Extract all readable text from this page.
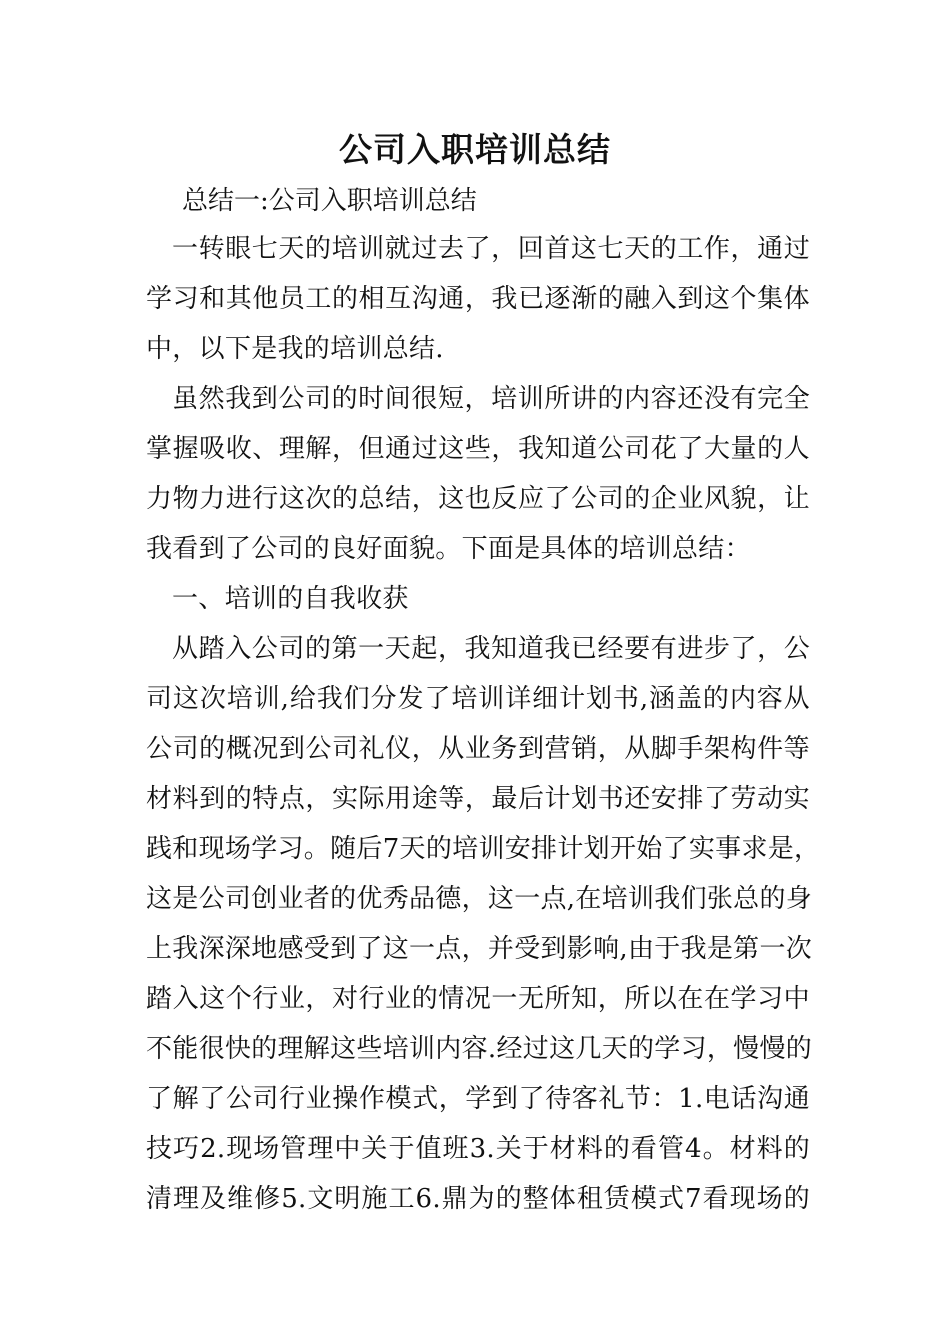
公司入职培训总结
总结一:公司入职培训总结
一转眼七天的培训就过去了，回首这七天的工作，通过
学习和其他员工的相互沟通，我已逐渐的融入到这个集体
中，以下是我的培训总结.
虽然我到公司的时间很短，培训所讲的内容还没有完全
掌握吸收、理解，但通过这些，我知道公司花了大量的人
力物力进行这次的总结，这也反应了公司的企业风貌，让
我看到了公司的良好面貌。下面是具体的培训总结：
一、培训的自我收获
从踏入公司的第一天起，我知道我已经要有进步了，公
司这次培训,给我们分发了培训详细计划书,涵盖的内容从
公司的概况到公司礼仪，从业务到营销，从脚手架构件等
材料到的特点，实际用途等，最后计划书还安排了劳动实
践和现场学习。随后7天的培训安排计划开始了实事求是，
这是公司创业者的优秀品德，这一点,在培训我们张总的身
上我深深地感受到了这一点，并受到影响,由于我是第一次
踏入这个行业，对行业的情况一无所知，所以在在学习中
不能很快的理解这些培训内容.经过这几天的学习，慢慢的
了解了公司行业操作模式，学到了待客礼节：1.电话沟通
技巧2.现场管理中关于值班3.关于材料的看管4。材料的
清理及维修5.文明施工6.鼎为的整体租赁模式7看现场的
